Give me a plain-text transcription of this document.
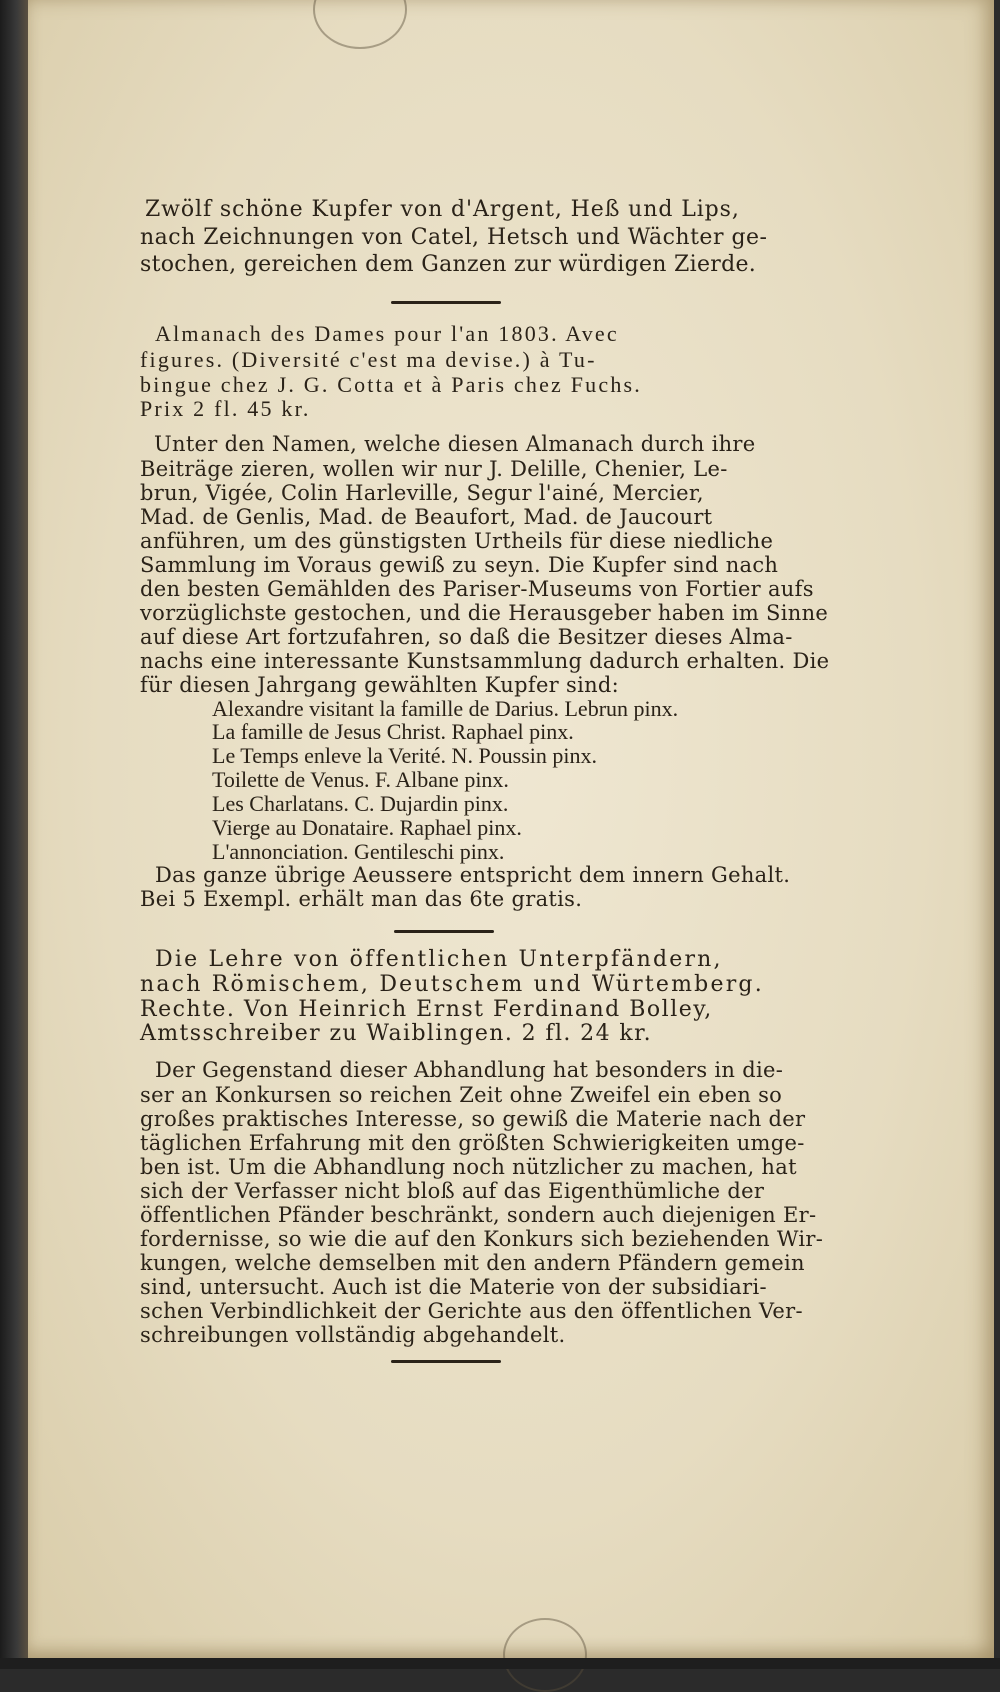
Zwölf schöne Kupfer von d'Argent, Heß und Lips,
nach Zeichnungen von Catel, Hetsch und Wächter ge-
stochen, gereichen dem Ganzen zur würdigen Zierde.
Almanach des Dames pour l'an 1803. Avec
figures. (Diversité c'est ma devise.) à Tu-
bingue chez J. G. Cotta et à Paris chez Fuchs.
Prix 2 fl. 45 kr.
Unter den Namen, welche diesen Almanach durch ihre
Beiträge zieren, wollen wir nur J. Delille, Chenier, Le-
brun, Vigée, Colin Harleville, Segur l'ainé, Mercier,
Mad. de Genlis, Mad. de Beaufort, Mad. de Jaucourt
anführen, um des günstigsten Urtheils für diese niedliche
Sammlung im Voraus gewiß zu seyn. Die Kupfer sind nach
den besten Gemählden des Pariser-Museums von Fortier aufs
vorzüglichste gestochen, und die Herausgeber haben im Sinne
auf diese Art fortzufahren, so daß die Besitzer dieses Alma-
nachs eine interessante Kunstsammlung dadurch erhalten. Die
für diesen Jahrgang gewählten Kupfer sind:
Alexandre visitant la famille de Darius. Lebrun pinx.
La famille de Jesus Christ. Raphael pinx.
Le Temps enleve la Verité. N. Poussin pinx.
Toilette de Venus. F. Albane pinx.
Les Charlatans. C. Dujardin pinx.
Vierge au Donataire. Raphael pinx.
L'annonciation. Gentileschi pinx.
Das ganze übrige Aeussere entspricht dem innern Gehalt.
Bei 5 Exempl. erhält man das 6te gratis.
Die Lehre von öffentlichen Unterpfändern,
nach Römischem, Deutschem und Würtemberg.
Rechte. Von Heinrich Ernst Ferdinand Bolley,
Amtsschreiber zu Waiblingen. 2 fl. 24 kr.
Der Gegenstand dieser Abhandlung hat besonders in die-
ser an Konkursen so reichen Zeit ohne Zweifel ein eben so
großes praktisches Interesse, so gewiß die Materie nach der
täglichen Erfahrung mit den größten Schwierigkeiten umge-
ben ist. Um die Abhandlung noch nützlicher zu machen, hat
sich der Verfasser nicht bloß auf das Eigenthümliche der
öffentlichen Pfänder beschränkt, sondern auch diejenigen Er-
fordernisse, so wie die auf den Konkurs sich beziehenden Wir-
kungen, welche demselben mit den andern Pfändern gemein
sind, untersucht. Auch ist die Materie von der subsidiari-
schen Verbindlichkeit der Gerichte aus den öffentlichen Ver-
schreibungen vollständig abgehandelt.
